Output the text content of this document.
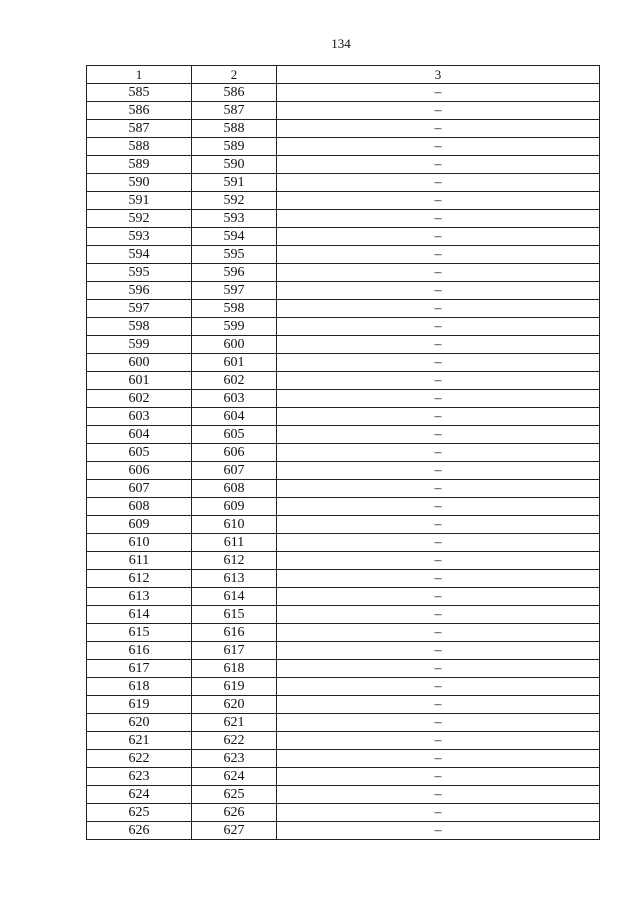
134
1	2	3
585	586	–
586	587	–
587	588	–
588	589	–
589	590	–
590	591	–
591	592	–
592	593	–
593	594	–
594	595	–
595	596	–
596	597	–
597	598	–
598	599	–
599	600	–
600	601	–
601	602	–
602	603	–
603	604	–
604	605	–
605	606	–
606	607	–
607	608	–
608	609	–
609	610	–
610	611	–
611	612	–
612	613	–
613	614	–
614	615	–
615	616	–
616	617	–
617	618	–
618	619	–
619	620	–
620	621	–
621	622	–
622	623	–
623	624	–
624	625	–
625	626	–
626	627	–
